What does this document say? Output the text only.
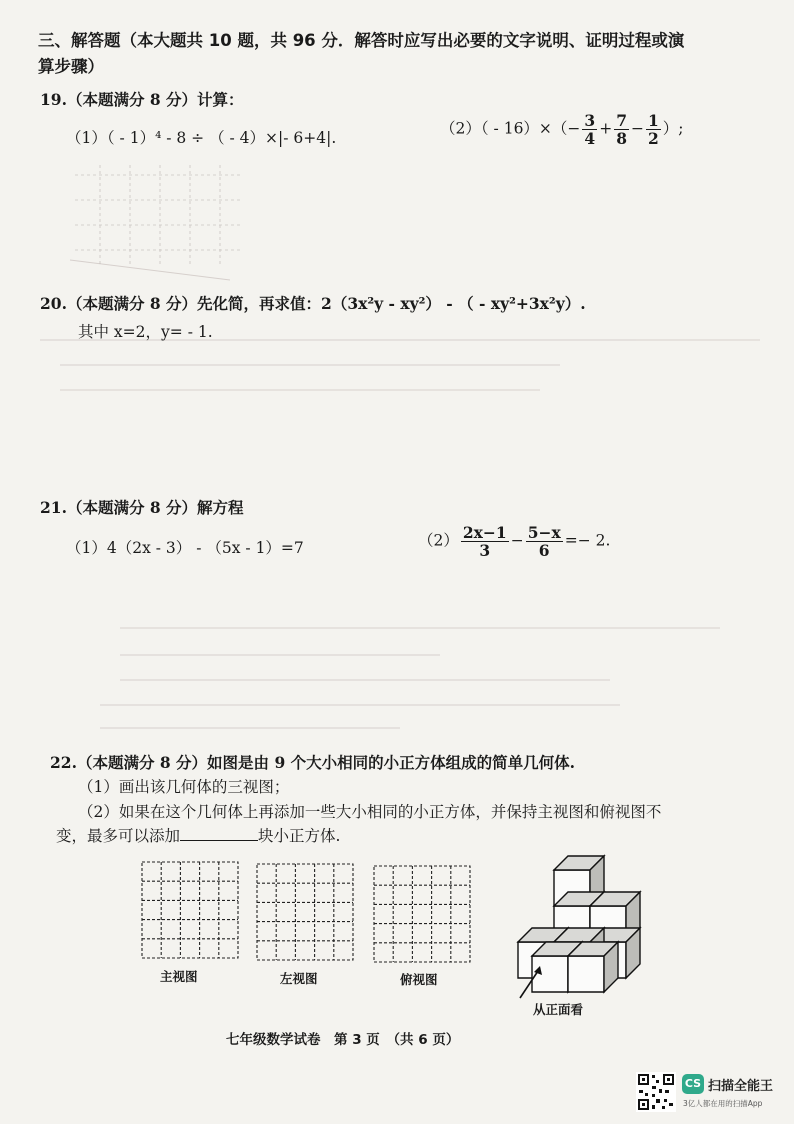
三、解答题（本大题共 10 题，共 96 分．解答时应写出必要的文字说明、证明过程或演
算步骤）
19.（本题满分 8 分）计算：
（1）（ - 1）⁴ - 8 ÷ （ - 4）×|- 6+4|.
$(2)( - 16)\times(- \frac{3}{4} + \frac{7}{8} - \frac{1}{2}$ ）;
20.（本题满分 8 分）先化简，再求值：2（3x²y - xy²） - （ - xy²+3x²y）.
其中 x=2，y= - 1.
21.（本题满分 8 分）解方程
（1）4（2x - 3） - （5x - 1）=7	$(2) \frac{2x-1}{3} - \frac{5-x}{6} =- 2$.
22.（本题满分 8 分）如图是由 9 个大小相同的小正方体组成的简单几何体.
（1）画出该几何体的三视图；
（2）如果在这个几何体上再添加一些大小相同的小正方体，并保持主视图和俯视图不
变，最多可以添加	块小正方体.
主视图	左视图	俯视图
从正面看
七年级数学试卷　第 3 页　（共 6 页）
CS 扫描全能王
3亿人都在用的扫描App
